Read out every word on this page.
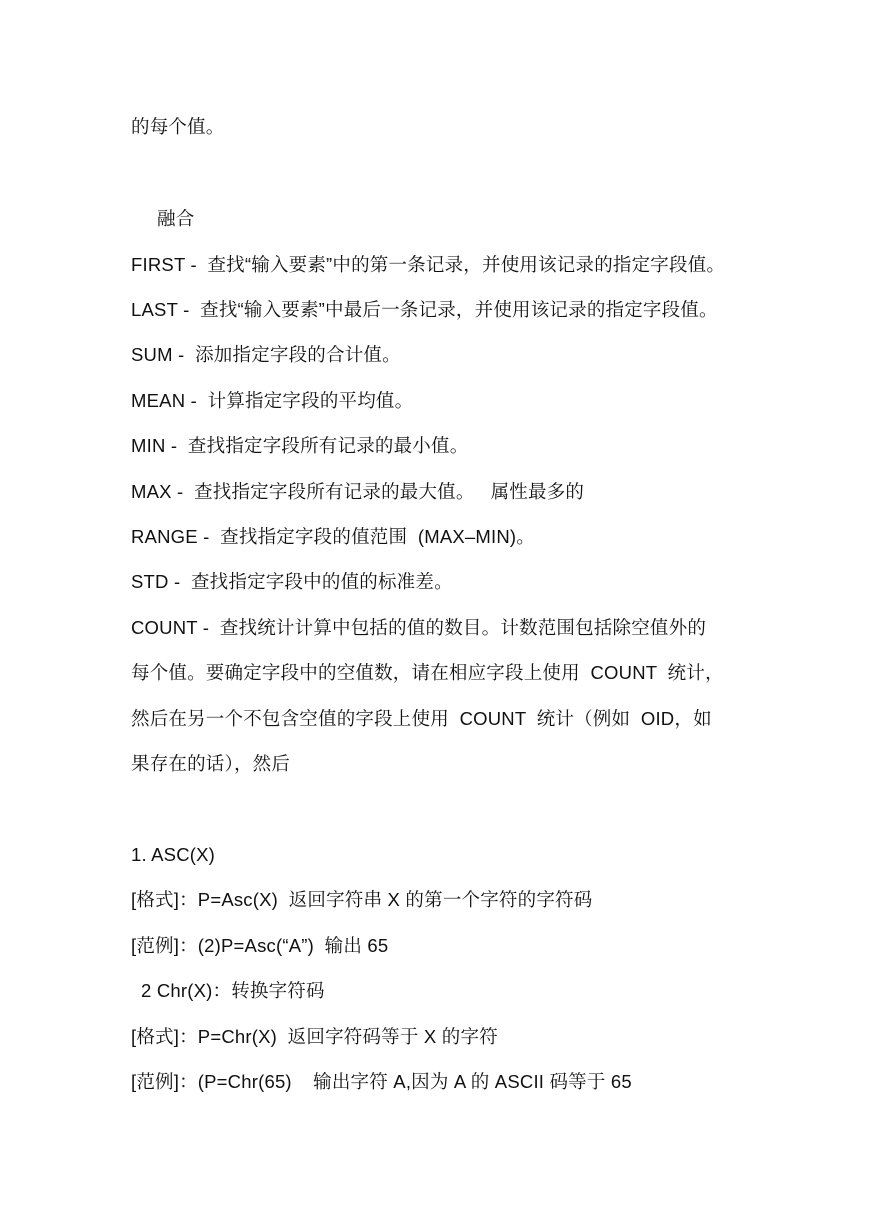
的每个值。
融合
FIRST -  查找“输入要素”中的第一条记录，并使用该记录的指定字段值。
LAST -  查找“输入要素”中最后一条记录，并使用该记录的指定字段值。
SUM -  添加指定字段的合计值。
MEAN -  计算指定字段的平均值。
MIN -  查找指定字段所有记录的最小值。
MAX -  查找指定字段所有记录的最大值。   属性最多的
RANGE -  查找指定字段的值范围  (MAX–MIN)。
STD -  查找指定字段中的值的标准差。
COUNT -  查找统计计算中包括的值的数目。计数范围包括除空值外的
每个值。要确定字段中的空值数，请在相应字段上使用  COUNT  统计，
然后在另一个不包含空值的字段上使用  COUNT  统计（例如  OID，如
果存在的话），然后
1. ASC(X)
[格式]：P=Asc(X)  返回字符串 X 的第一个字符的字符码
[范例]：(2)P=Asc(“A”)  输出 65
2 Chr(X)：转换字符码
[格式]：P=Chr(X)  返回字符码等于 X 的字符
[范例]：(P=Chr(65)    输出字符 A,因为 A 的 ASCII 码等于 65
